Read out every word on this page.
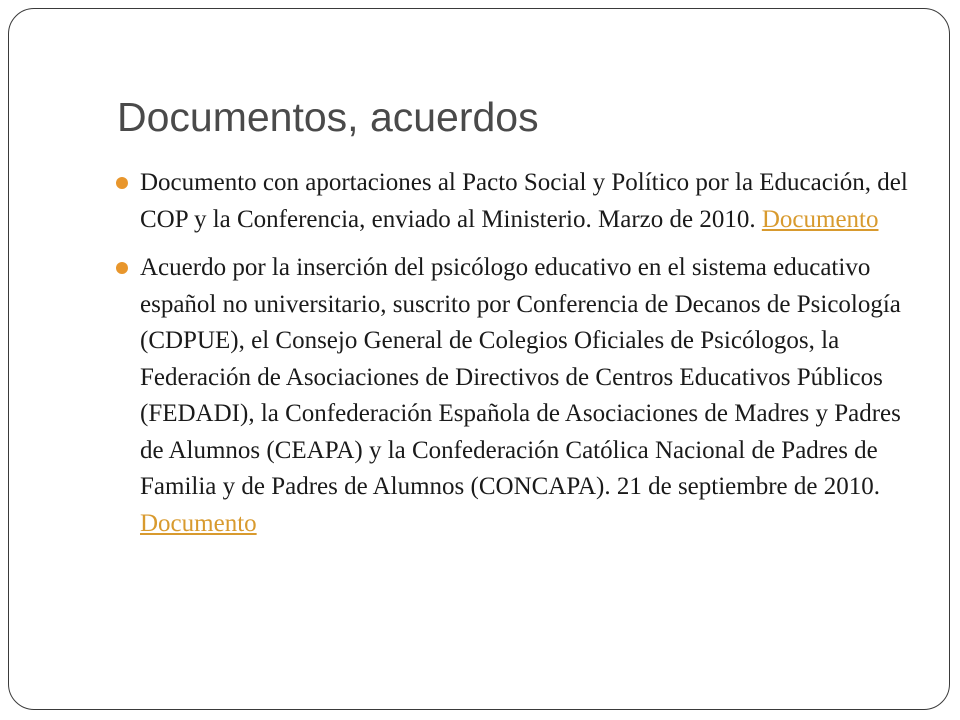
Documentos, acuerdos
Documento con aportaciones al Pacto Social y Político por la Educación, del COP y la Conferencia, enviado al Ministerio. Marzo de 2010. Documento
Acuerdo por la inserción del psicólogo educativo en el sistema educativo español no universitario, suscrito por Conferencia de Decanos de Psicología (CDPUE), el Consejo General de Colegios Oficiales de Psicólogos, la Federación de Asociaciones de Directivos de Centros Educativos Públicos (FEDADI), la Confederación Española de Asociaciones de Madres y Padres de Alumnos (CEAPA) y la Confederación Católica Nacional de Padres de Familia y de Padres de Alumnos (CONCAPA). 21 de septiembre de 2010. Documento
